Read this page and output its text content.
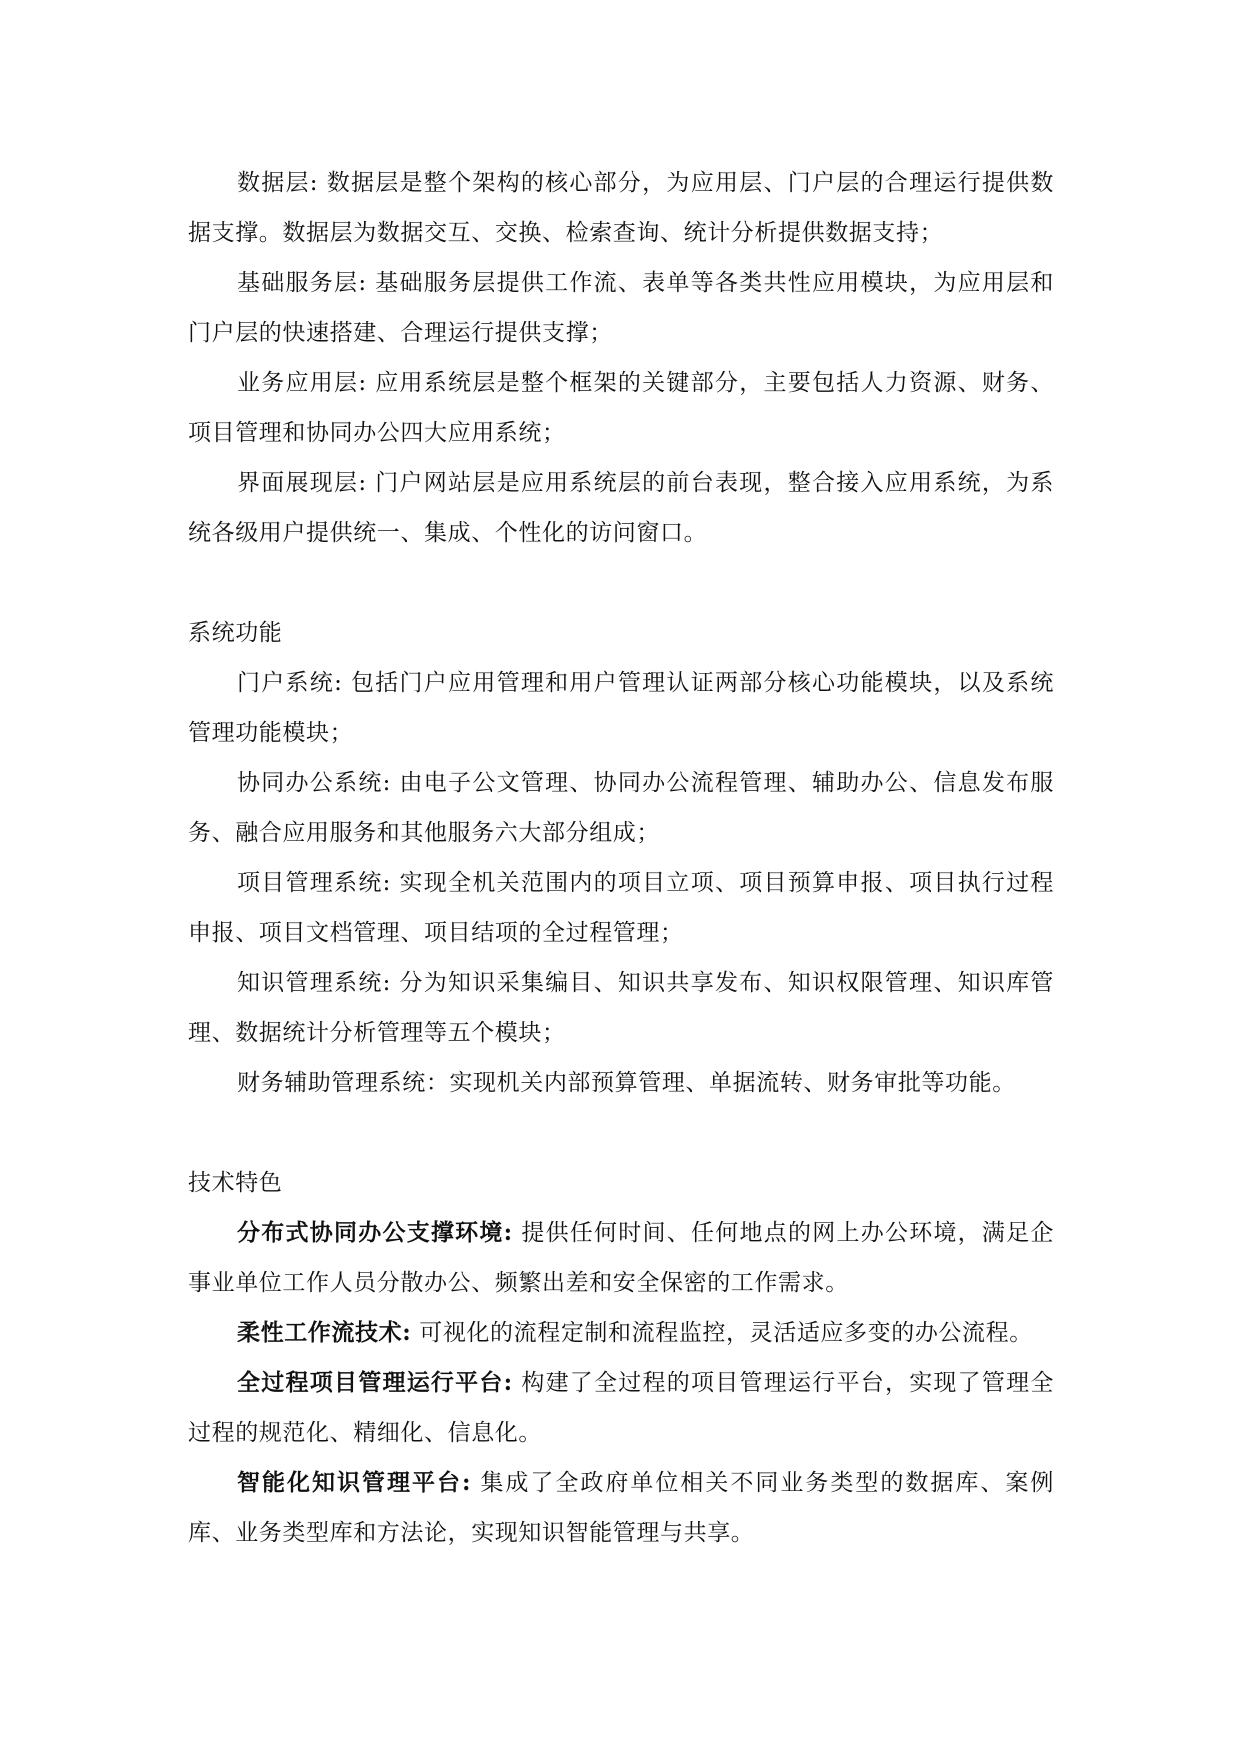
数据层: 数据层是整个架构的核心部分，为应用层、门户层的合理运行提供数据支撑。数据层为数据交互、交换、检索查询、统计分析提供数据支持；

基础服务层: 基础服务层提供工作流、表单等各类共性应用模块，为应用层和门户层的快速搭建、合理运行提供支撑；

业务应用层: 应用系统层是整个框架的关键部分，主要包括人力资源、财务、项目管理和协同办公四大应用系统；

界面展现层: 门户网站层是应用系统层的前台表现，整合接入应用系统，为系统各级用户提供统一、集成、个性化的访问窗口。

系统功能

门户系统: 包括门户应用管理和用户管理认证两部分核心功能模块，以及系统管理功能模块；

协同办公系统: 由电子公文管理、协同办公流程管理、辅助办公、信息发布服务、融合应用服务和其他服务六大部分组成；

项目管理系统: 实现全机关范围内的项目立项、项目预算申报、项目执行过程申报、项目文档管理、项目结项的全过程管理；

知识管理系统: 分为知识采集编目、知识共享发布、知识权限管理、知识库管理、数据统计分析管理等五个模块；

财务辅助管理系统：实现机关内部预算管理、单据流转、财务审批等功能。

技术特色

分布式协同办公支撑环境: 提供任何时间、任何地点的网上办公环境，满足企事业单位工作人员分散办公、频繁出差和安全保密的工作需求。

柔性工作流技术: 可视化的流程定制和流程监控，灵活适应多变的办公流程。

全过程项目管理运行平台: 构建了全过程的项目管理运行平台，实现了管理全过程的规范化、精细化、信息化。

智能化知识管理平台: 集成了全政府单位相关不同业务类型的数据库、案例库、业务类型库和方法论，实现知识智能管理与共享。
